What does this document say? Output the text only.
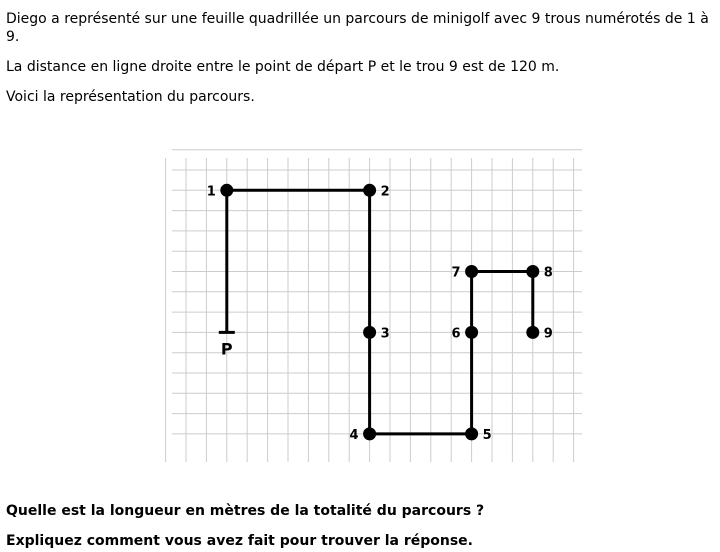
Diego a représenté sur une feuille quadrillée un parcours de minigolf avec 9 trous numérotés de 1 à 9.

La distance en ligne droite entre le point de départ P et le trou 9 est de 120 m.

Voici la représentation du parcours.

P
1	2
3
4	5
6
7	8
9

Quelle est la longueur en mètres de la totalité du parcours ?

Expliquez comment vous avez fait pour trouver la réponse.
